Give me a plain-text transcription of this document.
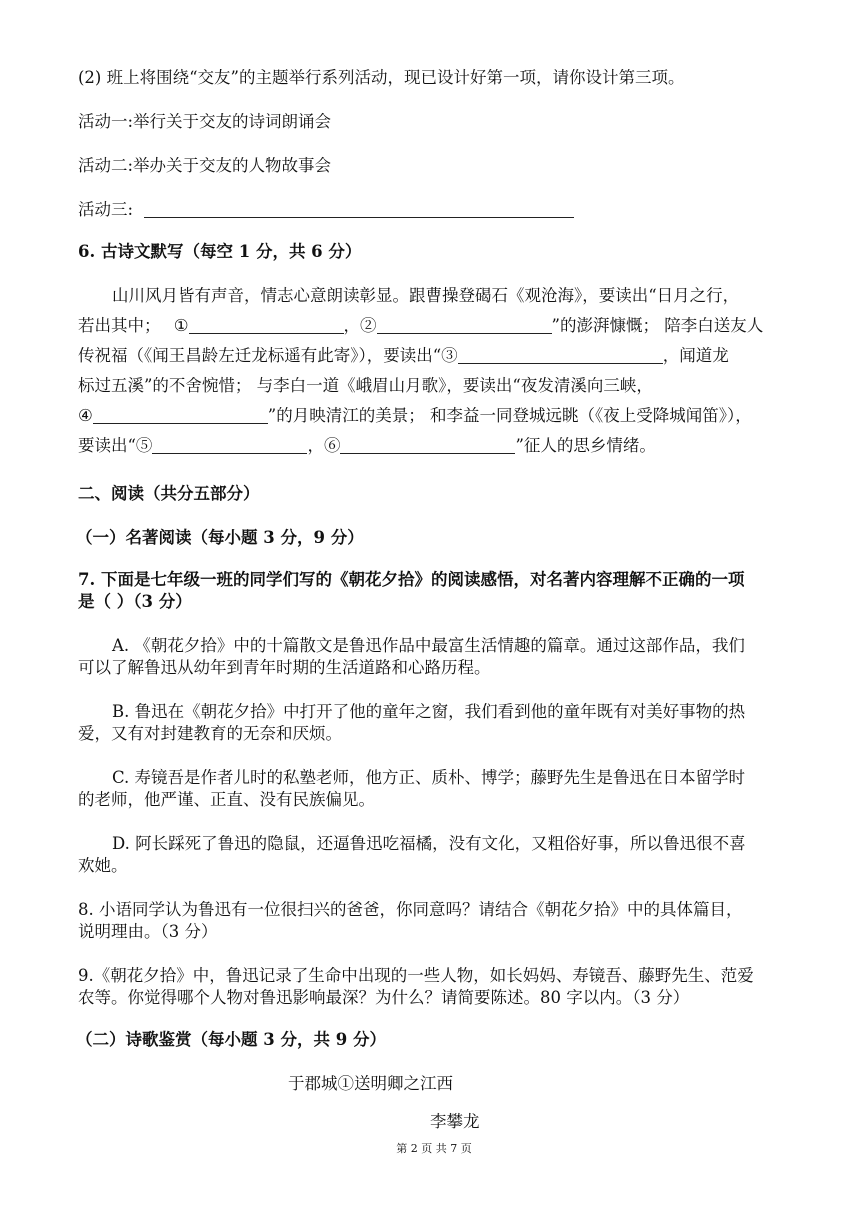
(2) 班上将围绕“交友”的主题举行系列活动，现已设计好第一项，请你设计第三项。
活动一:举行关于交友的诗词朗诵会
活动二:举办关于交友的人物故事会
活动三:
6. 古诗文默写（每空 1 分，共 6 分）
山川风月皆有声音，情志心意朗读彰显。跟曹操登碣石《观沧海》，要读出“日月之行，
若出其中； ①	，②	”的澎湃慷慨； 陪李白送友人
传祝福（《闻王昌龄左迁龙标遥有此寄》），要读出“③	，闻道龙
标过五溪”的不舍惋惜； 与李白一道《峨眉山月歌》，要读出“夜发清溪向三峡，
④	”的月映清江的美景； 和李益一同登城远眺（《夜上受降城闻笛》），
要读出“⑤	，⑥	”征人的思乡情绪。
二、阅读（共分五部分）
（一）名著阅读（每小题 3 分，9 分）
7. 下面是七年级一班的同学们写的《朝花夕拾》的阅读感悟，对名著内容理解不正确的一项
是（ ）（3 分）
A. 《朝花夕拾》中的十篇散文是鲁迅作品中最富生活情趣的篇章。通过这部作品，我们
可以了解鲁迅从幼年到青年时期的生活道路和心路历程。
B. 鲁迅在《朝花夕拾》中打开了他的童年之窗，我们看到他的童年既有对美好事物的热
爱，又有对封建教育的无奈和厌烦。
C. 寿镜吾是作者儿时的私塾老师，他方正、质朴、博学；藤野先生是鲁迅在日本留学时
的老师，他严谨、正直、没有民族偏见。
D. 阿长踩死了鲁迅的隐鼠，还逼鲁迅吃福橘，没有文化，又粗俗好事，所以鲁迅很不喜
欢她。
8. 小语同学认为鲁迅有一位很扫兴的爸爸，你同意吗？请结合《朝花夕拾》中的具体篇目，
说明理由。（3 分）
9.《朝花夕拾》中，鲁迅记录了生命中出现的一些人物，如长妈妈、寿镜吾、藤野先生、范爱
农等。你觉得哪个人物对鲁迅影响最深？为什么？请简要陈述。80 字以内。（3 分）
（二）诗歌鉴赏（每小题 3 分，共 9 分）
于郡城①送明卿之江西
李攀龙
第 2 页 共 7 页
